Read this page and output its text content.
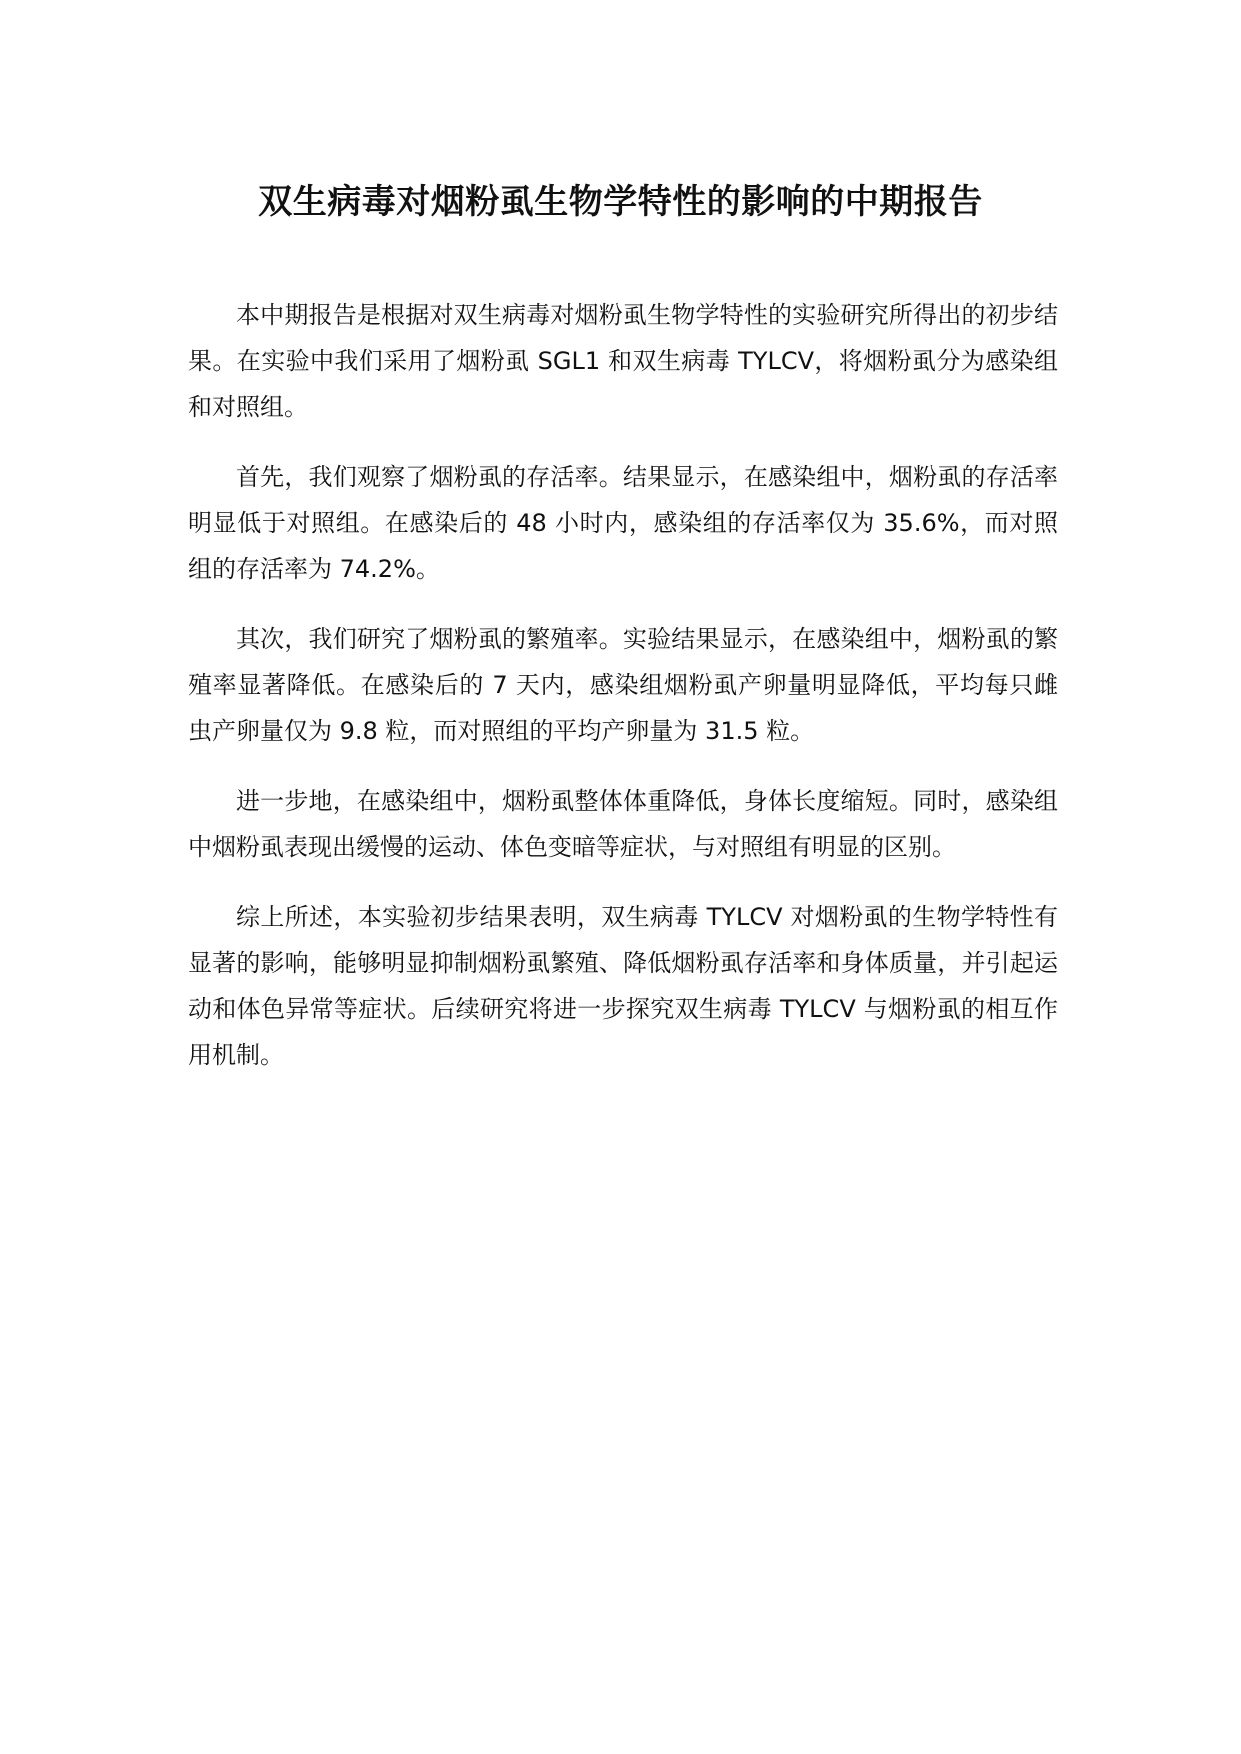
双生病毒对烟粉虱生物学特性的影响的中期报告

本中期报告是根据对双生病毒对烟粉虱生物学特性的实验研究所得出的初步结果。在实验中我们采用了烟粉虱 SGL1 和双生病毒 TYLCV，将烟粉虱分为感染组和对照组。

首先，我们观察了烟粉虱的存活率。结果显示，在感染组中，烟粉虱的存活率明显低于对照组。在感染后的 48 小时内，感染组的存活率仅为 35.6%，而对照组的存活率为 74.2%。

其次，我们研究了烟粉虱的繁殖率。实验结果显示，在感染组中，烟粉虱的繁殖率显著降低。在感染后的 7 天内，感染组烟粉虱产卵量明显降低，平均每只雌虫产卵量仅为 9.8 粒，而对照组的平均产卵量为 31.5 粒。

进一步地，在感染组中，烟粉虱整体体重降低，身体长度缩短。同时，感染组中烟粉虱表现出缓慢的运动、体色变暗等症状，与对照组有明显的区别。

综上所述，本实验初步结果表明，双生病毒 TYLCV 对烟粉虱的生物学特性有显著的影响，能够明显抑制烟粉虱繁殖、降低烟粉虱存活率和身体质量，并引起运动和体色异常等症状。后续研究将进一步探究双生病毒 TYLCV 与烟粉虱的相互作用机制。
